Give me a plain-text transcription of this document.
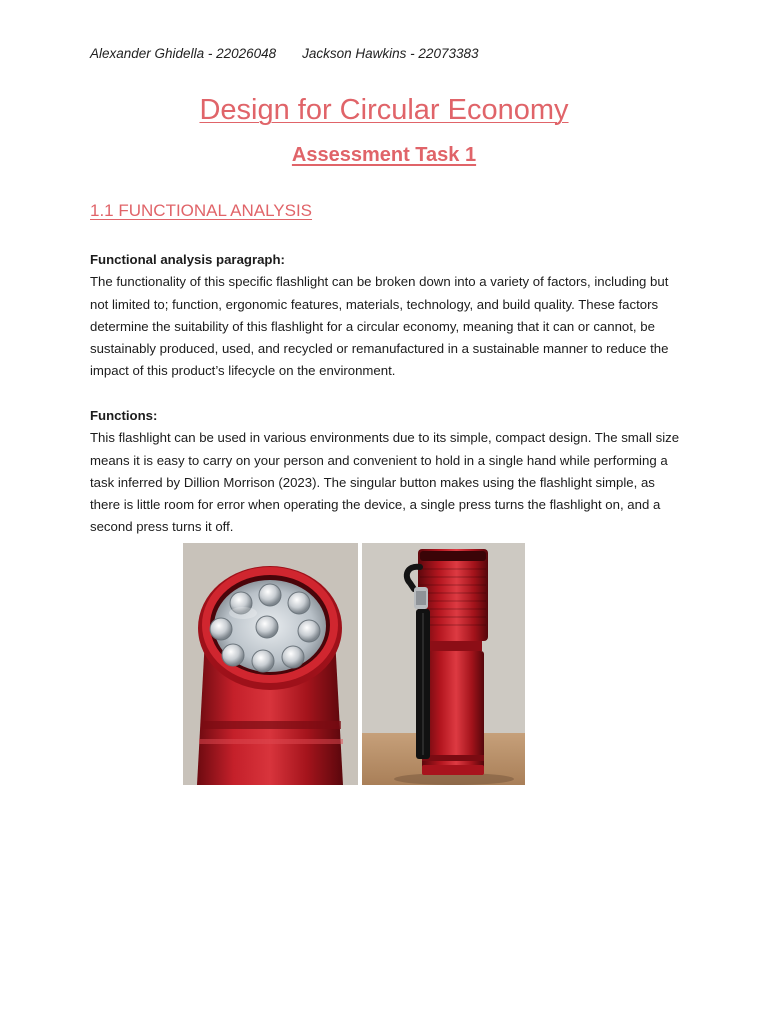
Alexander Ghidella - 22026048 Jackson Hawkins - 22073383
Design for Circular Economy
Assessment Task 1
1.1 FUNCTIONAL ANALYSIS
Functional analysis paragraph:
The functionality of this specific flashlight can be broken down into a variety of factors, including but not limited to; function, ergonomic features, materials, technology, and build quality. These factors determine the suitability of this flashlight for a circular economy, meaning that it can or cannot, be sustainably produced, used, and recycled or remanufactured in a sustainable manner to reduce the impact of this product’s lifecycle on the environment.
Functions:
This flashlight can be used in various environments due to its simple, compact design. The small size means it is easy to carry on your person and convenient to hold in a single hand while performing a task inferred by Dillion Morrison (2023). The singular button makes using the flashlight simple, as there is little room for error when operating the device, a single press turns the flashlight on, and a second press turns it off.
